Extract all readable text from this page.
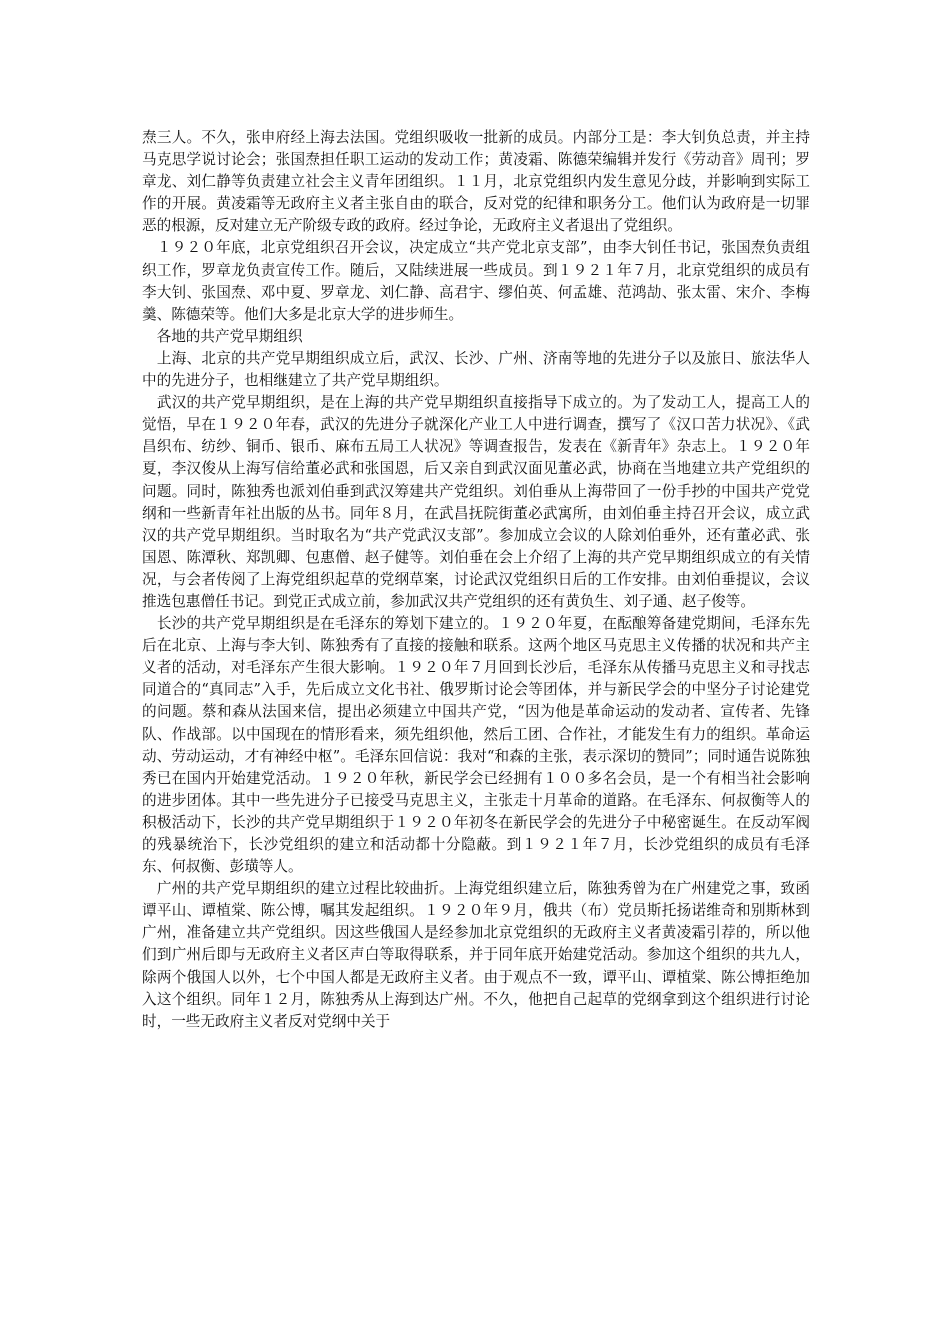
焘三人。不久，张申府经上海去法国。党组织吸收一批新的成员。内部分工是：李大钊负总责，并主持马克思学说讨论会；张国焘担任职工运动的发动工作；黄凌霜、陈德荣编辑并发行《劳动音》周刊；罗章龙、刘仁静等负责建立社会主义青年团组织。１１月，北京党组织内发生意见分歧，并影响到实际工作的开展。黄凌霜等无政府主义者主张自由的联合，反对党的纪律和职务分工。他们认为政府是一切罪恶的根源，反对建立无产阶级专政的政府。经过争论，无政府主义者退出了党组织。

　１９２０年底，北京党组织召开会议，决定成立“共产党北京支部”，由李大钊任书记，张国焘负责组织工作，罗章龙负责宣传工作。随后，又陆续进展一些成员。到１９２１年７月，北京党组织的成员有李大钊、张国焘、邓中夏、罗章龙、刘仁静、高君宇、缪伯英、何孟雄、范鸿劼、张太雷、宋介、李梅羹、陈德荣等。他们大多是北京大学的进步师生。

　各地的共产党早期组织

　上海、北京的共产党早期组织成立后，武汉、长沙、广州、济南等地的先进分子以及旅日、旅法华人中的先进分子，也相继建立了共产党早期组织。

　武汉的共产党早期组织，是在上海的共产党早期组织直接指导下成立的。为了发动工人，提高工人的觉悟，早在１９２０年春，武汉的先进分子就深化产业工人中进行调查，撰写了《汉口苦力状况》、《武昌织布、纺纱、铜币、银币、麻布五局工人状况》等调查报告，发表在《新青年》杂志上。１９２０年夏，李汉俊从上海写信给董必武和张国恩，后又亲自到武汉面见董必武，协商在当地建立共产党组织的问题。同时，陈独秀也派刘伯垂到武汉筹建共产党组织。刘伯垂从上海带回了一份手抄的中国共产党党纲和一些新青年社出版的丛书。同年８月，在武昌抚院街董必武寓所，由刘伯垂主持召开会议，成立武汉的共产党早期组织。当时取名为“共产党武汉支部”。参加成立会议的人除刘伯垂外，还有董必武、张国恩、陈潭秋、郑凯卿、包惠僧、赵子健等。刘伯垂在会上介绍了上海的共产党早期组织成立的有关情况，与会者传阅了上海党组织起草的党纲草案，讨论武汉党组织日后的工作安排。由刘伯垂提议，会议推选包惠僧任书记。到党正式成立前，参加武汉共产党组织的还有黄负生、刘子通、赵子俊等。

　长沙的共产党早期组织是在毛泽东的筹划下建立的。１９２０年夏，在酝酿筹备建党期间，毛泽东先后在北京、上海与李大钊、陈独秀有了直接的接触和联系。这两个地区马克思主义传播的状况和共产主义者的活动，对毛泽东产生很大影响。１９２０年７月回到长沙后，毛泽东从传播马克思主义和寻找志同道合的“真同志”入手，先后成立文化书社、俄罗斯讨论会等团体，并与新民学会的中坚分子讨论建党的问题。蔡和森从法国来信，提出必须建立中国共产党，“因为他是革命运动的发动者、宣传者、先锋队、作战部。以中国现在的情形看来，须先组织他，然后工团、合作社，才能发生有力的组织。革命运动、劳动运动，才有神经中枢”。毛泽东回信说：我对“和森的主张，表示深切的赞同”；同时通告说陈独秀已在国内开始建党活动。１９２０年秋，新民学会已经拥有１００多名会员，是一个有相当社会影响的进步团体。其中一些先进分子已接受马克思主义，主张走十月革命的道路。在毛泽东、何叔衡等人的积极活动下，长沙的共产党早期组织于１９２０年初冬在新民学会的先进分子中秘密诞生。在反动军阀的残暴统治下，长沙党组织的建立和活动都十分隐蔽。到１９２１年７月，长沙党组织的成员有毛泽东、何叔衡、彭璜等人。

　广州的共产党早期组织的建立过程比较曲折。上海党组织建立后，陈独秀曾为在广州建党之事，致函谭平山、谭植棠、陈公博，嘱其发起组织。１９２０年９月，俄共（布）党员斯托扬诺维奇和别斯林到广州，准备建立共产党组织。因这些俄国人是经参加北京党组织的无政府主义者黄凌霜引荐的，所以他们到广州后即与无政府主义者区声白等取得联系，并于同年底开始建党活动。参加这个组织的共九人，除两个俄国人以外，七个中国人都是无政府主义者。由于观点不一致，谭平山、谭植棠、陈公博拒绝加入这个组织。同年１２月，陈独秀从上海到达广州。不久，他把自己起草的党纲拿到这个组织进行讨论时，一些无政府主义者反对党纲中关于
